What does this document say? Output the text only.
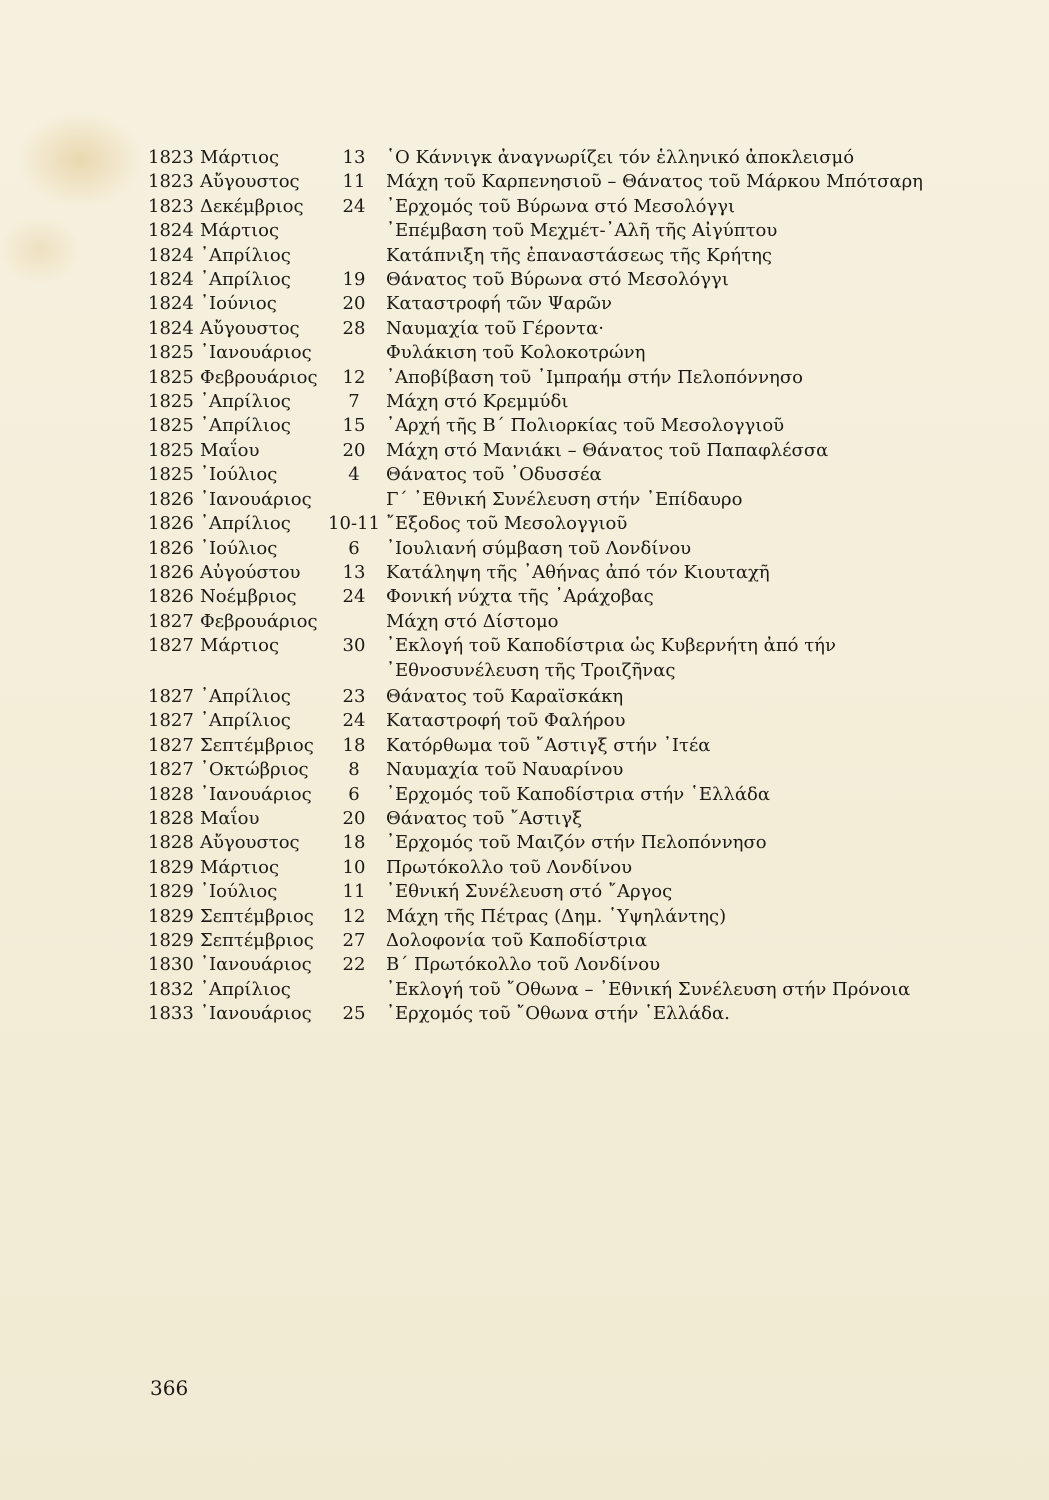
1823 Μάρτιος	13	῾Ο Κάννιγκ ἀναγνωρίζει τόν ἑλληνικό ἀποκλεισμό
1823 Αὔγουστος	11	Μάχη τοῦ Καρπενησιοῦ – Θάνατος τοῦ Μάρκου Μπότσαρη
1823 Δεκέμβριος	24	᾿Ερχομός τοῦ Βύρωνα στό Μεσολόγγι
1824 Μάρτιος	᾿Επέμβαση τοῦ Μεχμέτ-᾿Αλῆ τῆς Αἰγύπτου
1824 ᾿Απρίλιος	Κατάπνιξη τῆς ἐπαναστάσεως τῆς Κρήτης
1824 ᾿Απρίλιος	19	Θάνατος τοῦ Βύρωνα στό Μεσολόγγι
1824 ᾿Ιούνιος	20	Καταστροφή τῶν Ψαρῶν
1824 Αὔγουστος	28	Ναυμαχία τοῦ Γέροντα·
1825 ᾿Ιανουάριος	Φυλάκιση τοῦ Κολοκοτρώνη
1825 Φεβρουάριος	12	᾿Αποβίβαση τοῦ ᾿Ιμπραήμ στήν Πελοπόννησο
1825 ᾿Απρίλιος	7	Μάχη στό Κρεμμύδι
1825 ᾿Απρίλιος	15	᾿Αρχή τῆς Β΄ Πολιορκίας τοῦ Μεσολογγιοῦ
1825 Μαΐου	20	Μάχη στό Μανιάκι – Θάνατος τοῦ Παπαφλέσσα
1825 ᾿Ιούλιος	4	Θάνατος τοῦ ᾿Οδυσσέα
1826 ᾿Ιανουάριος	Γ΄ ᾿Εθνική Συνέλευση στήν ᾿Επίδαυρο
1826 ᾿Απρίλιος	10-11 ῎Εξοδος τοῦ Μεσολογγιοῦ
1826 ᾿Ιούλιος	6	᾿Ιουλιανή σύμβαση τοῦ Λονδίνου
1826 Αὐγούστου	13	Κατάληψη τῆς ᾿Αθήνας ἀπό τόν Κιουταχῆ
1826 Νοέμβριος	24	Φονική νύχτα τῆς ᾿Αράχοβας
1827 Φεβρουάριος	Μάχη στό Δίστομο
1827 Μάρτιος	30	᾿Εκλογή τοῦ Καποδίστρια ὡς Κυβερνήτη ἀπό τήν
᾿Εθνοσυνέλευση τῆς Τροιζῆνας
1827 ᾿Απρίλιος	23	Θάνατος τοῦ Καραϊσκάκη
1827 ᾿Απρίλιος	24	Καταστροφή τοῦ Φαλήρου
1827 Σεπτέμβριος	18	Κατόρθωμα τοῦ ῎Αστιγξ στήν ᾿Ιτέα
1827 ᾿Οκτώβριος	8	Ναυμαχία τοῦ Ναυαρίνου
1828 ᾿Ιανουάριος	6	᾿Ερχομός τοῦ Καποδίστρια στήν ῾Ελλάδα
1828 Μαΐου	20	Θάνατος τοῦ ῎Αστιγξ
1828 Αὔγουστος	18	᾿Ερχομός τοῦ Μαιζόν στήν Πελοπόννησο
1829 Μάρτιος	10	Πρωτόκολλο τοῦ Λονδίνου
1829 ᾿Ιούλιος	11	᾿Εθνική Συνέλευση στό ῎Αργος
1829 Σεπτέμβριος	12	Μάχη τῆς Πέτρας (Δημ. ῾Υψηλάντης)
1829 Σεπτέμβριος	27	Δολοφονία τοῦ Καποδίστρια
1830 ᾿Ιανουάριος	22	Β΄ Πρωτόκολλο τοῦ Λονδίνου
1832 ᾿Απρίλιος	᾿Εκλογή τοῦ ῎Οθωνα – ᾿Εθνική Συνέλευση στήν Πρόνοια
1833 ᾿Ιανουάριος	25	᾿Ερχομός τοῦ ῎Οθωνα στήν ῾Ελλάδα.
366
